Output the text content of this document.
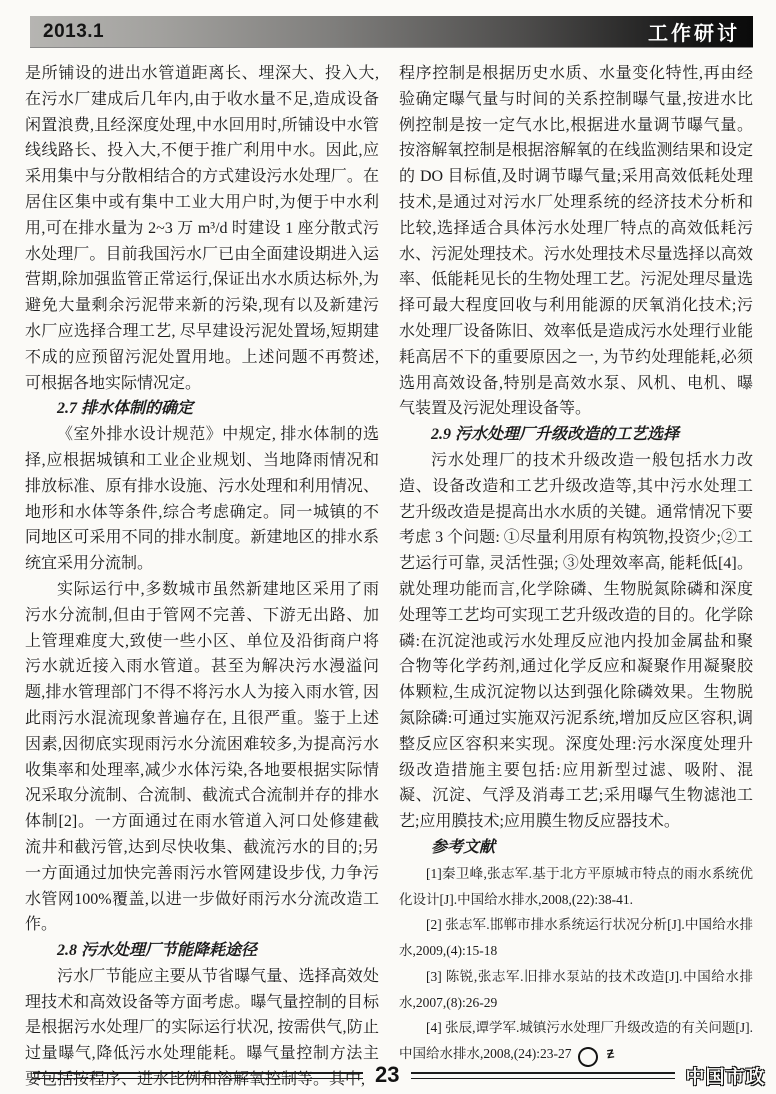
2013.1	工作研讨

是所铺设的进出水管道距离长、埋深大、投入大,在污水厂建成后几年内,由于收水量不足,造成设备闲置浪费,且经深度处理,中水回用时,所铺设中水管线线路长、投入大,不便于推广利用中水。因此,应采用集中与分散相结合的方式建设污水处理厂。在居住区集中或有集中工业大用户时,为便于中水利用,可在排水量为 2~3 万 m³/d 时建设 1 座分散式污水处理厂。目前我国污水厂已由全面建设期进入运营期,除加强监管正常运行,保证出水水质达标外,为避免大量剩余污泥带来新的污染,现有以及新建污水厂应选择合理工艺, 尽早建设污泥处置场,短期建不成的应预留污泥处置用地。上述问题不再赘述,可根据各地实际情况定。

2.7 排水体制的确定

《室外排水设计规范》中规定, 排水体制的选择,应根据城镇和工业企业规划、当地降雨情况和排放标准、原有排水设施、污水处理和利用情况、地形和水体等条件,综合考虑确定。同一城镇的不同地区可采用不同的排水制度。新建地区的排水系统宜采用分流制。

实际运行中,多数城市虽然新建地区采用了雨污水分流制,但由于管网不完善、下游无出路、加上管理难度大,致使一些小区、单位及沿街商户将污水就近接入雨水管道。甚至为解决污水漫溢问题,排水管理部门不得不将污水人为接入雨水管, 因此雨污水混流现象普遍存在, 且很严重。鉴于上述因素,因彻底实现雨污水分流困难较多,为提高污水收集率和处理率,减少水体污染,各地要根据实际情况采取分流制、合流制、截流式合流制并存的排水体制[2]。一方面通过在雨水管道入河口处修建截流井和截污管,达到尽快收集、截流污水的目的;另一方面通过加快完善雨污水管网建设步伐, 力争污水管网100%覆盖,以进一步做好雨污水分流改造工作。

2.8 污水处理厂节能降耗途径

污水厂节能应主要从节省曝气量、选择高效处理技术和高效设备等方面考虑。曝气量控制的目标是根据污水处理厂的实际运行状况, 按需供气,防止过量曝气,降低污水处理能耗。曝气量控制方法主要包括按程序、进水比例和溶解氧控制等。其中,

程序控制是根据历史水质、水量变化特性,再由经验确定曝气量与时间的关系控制曝气量,按进水比例控制是按一定气水比,根据进水量调节曝气量。按溶解氧控制是根据溶解氧的在线监测结果和设定的 DO 目标值,及时调节曝气量;采用高效低耗处理技术,是通过对污水厂处理系统的经济技术分析和比较,选择适合具体污水处理厂特点的高效低耗污水、污泥处理技术。污水处理技术尽量选择以高效率、低能耗见长的生物处理工艺。污泥处理尽量选择可最大程度回收与利用能源的厌氧消化技术;污水处理厂设备陈旧、效率低是造成污水处理行业能耗高居不下的重要原因之一, 为节约处理能耗,必须选用高效设备,特别是高效水泵、风机、电机、曝气装置及污泥处理设备等。

2.9 污水处理厂升级改造的工艺选择

污水处理厂的技术升级改造一般包括水力改造、设备改造和工艺升级改造等,其中污水处理工艺升级改造是提高出水水质的关键。通常情况下要考虑 3 个问题: ①尽量利用原有构筑物,投资少;②工艺运行可靠, 灵活性强; ③处理效率高, 能耗低[4]。就处理功能而言,化学除磷、生物脱氮除磷和深度处理等工艺均可实现工艺升级改造的目的。化学除磷:在沉淀池或污水处理反应池内投加金属盐和聚合物等化学药剂,通过化学反应和凝聚作用凝聚胶体颗粒,生成沉淀物以达到强化除磷效果。生物脱氮除磷:可通过实施双污泥系统,增加反应区容积,调整反应区容积来实现。深度处理:污水深度处理升级改造措施主要包括:应用新型过滤、吸附、混凝、沉淀、气浮及消毒工艺;采用曝气生物滤池工艺;应用膜技术;应用膜生物反应器技术。

参考文献

[1]秦卫峰,张志军.基于北方平原城市特点的雨水系统优化设计[J].中国给水排水,2008,(22):38-41.

[2] 张志军.邯郸市排水系统运行状况分析[J].中国给水排水,2009,(4):15-18

[3] 陈锐,张志军.旧排水泵站的技术改造[J].中国给水排水,2007,(8):26-29

[4] 张辰,谭学军.城镇污水处理厂升级改造的有关问题[J].中国给水排水,2008,(24):23-27	Ƶ

23	中国市政
